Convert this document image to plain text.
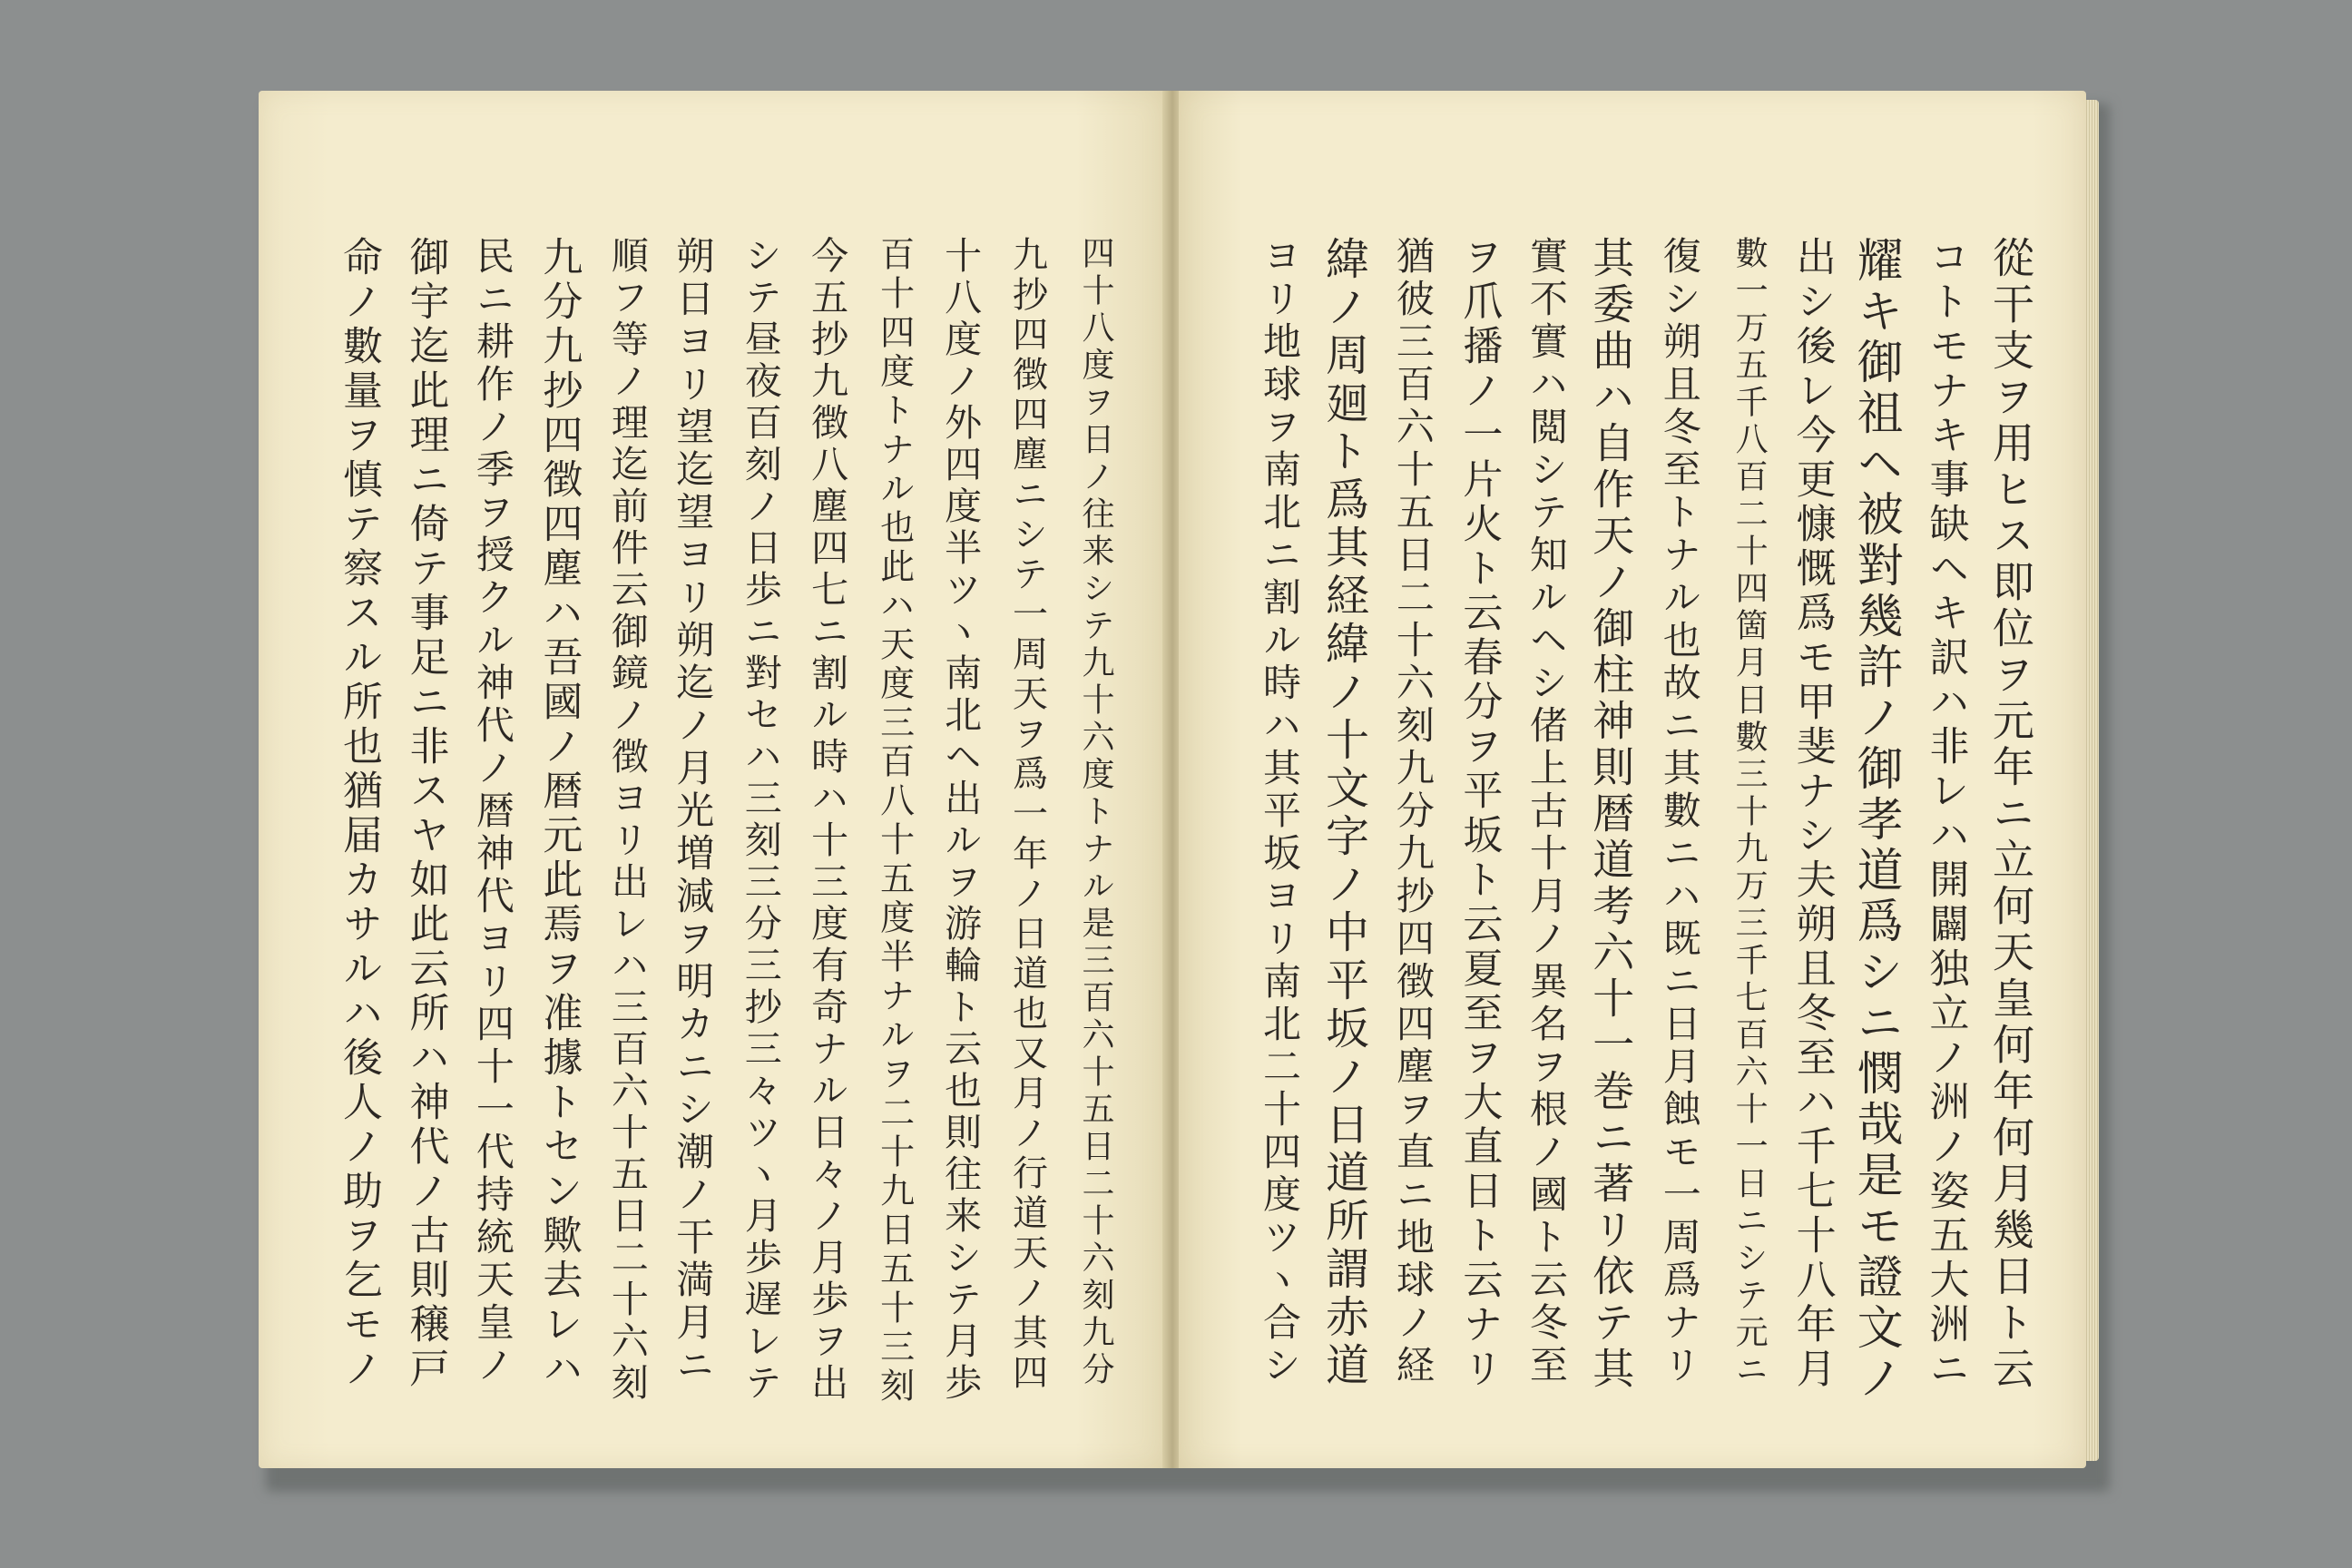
四十八度ヲ日ノ往来シテ九十六度トナル是三百六十五日二十六刻九分
九抄四徴四塵ニシテ一周天ヲ爲一年ノ日道也又月ノ行道天ノ其四
十八度ノ外四度半ツヽ南北ヘ出ルヲ游輪ト云也則往来シテ月歩
百十四度トナル也此ハ天度三百八十五度半ナルヲ二十九日五十三刻
今五抄九徴八塵四七ニ割ル時ハ十三度有奇ナル日々ノ月歩ヲ出
シテ昼夜百刻ノ日歩ニ對セハ三刻三分三抄三々ツヽ月歩遅レテ
朔日ヨリ望迄望ヨリ朔迄ノ月光増減ヲ明カニシ潮ノ干満月ニ
順フ等ノ理迄前件云御鏡ノ徴ヨリ出レハ三百六十五日二十六刻
九分九抄四徴四塵ハ吾國ノ暦元此焉ヲ准據トセン歟去レハ
民ニ耕作ノ季ヲ授クル神代ノ暦神代ヨリ四十一代持統天皇ノ
御宇迄此理ニ倚テ事足ニ非スヤ如此云所ハ神代ノ古則穣戸
命ノ數量ヲ慎テ察スル所也猶届カサルハ後人ノ助ヲ乞モノ	從干支ヲ用ヒス即位ヲ元年ニ立何天皇何年何月幾日ト云
コトモナキ事缺ヘキ訳ハ非レハ開闢独立ノ洲ノ姿五大洲ニ
耀キ御祖ヘ被對幾許ノ御孝道爲シニ憫哉是モ證文ノ
出シ後レ今更慷慨爲モ甲斐ナシ夫朔且冬至ハ千七十八年月
數一万五千八百二十四箇月日數三十九万三千七百六十一日ニシテ元ニ
復シ朔且冬至トナル也故ニ其數ニハ既ニ日月蝕モ一周爲ナリ
其委曲ハ自作天ノ御柱神則暦道考六十一巻ニ著リ依テ其
實不實ハ閲シテ知ルヘシ偖上古十月ノ異名ヲ根ノ國ト云冬至
ヲ爪播ノ一片火ト云春分ヲ平坂ト云夏至ヲ大直日ト云ナリ
猶彼三百六十五日二十六刻九分九抄四徴四塵ヲ直ニ地球ノ経
緯ノ周廻ト爲其経緯ノ十文字ノ中平坂ノ日道所謂赤道
ヨリ地球ヲ南北ニ割ル時ハ其平坂ヨリ南北二十四度ツヽ合シ
